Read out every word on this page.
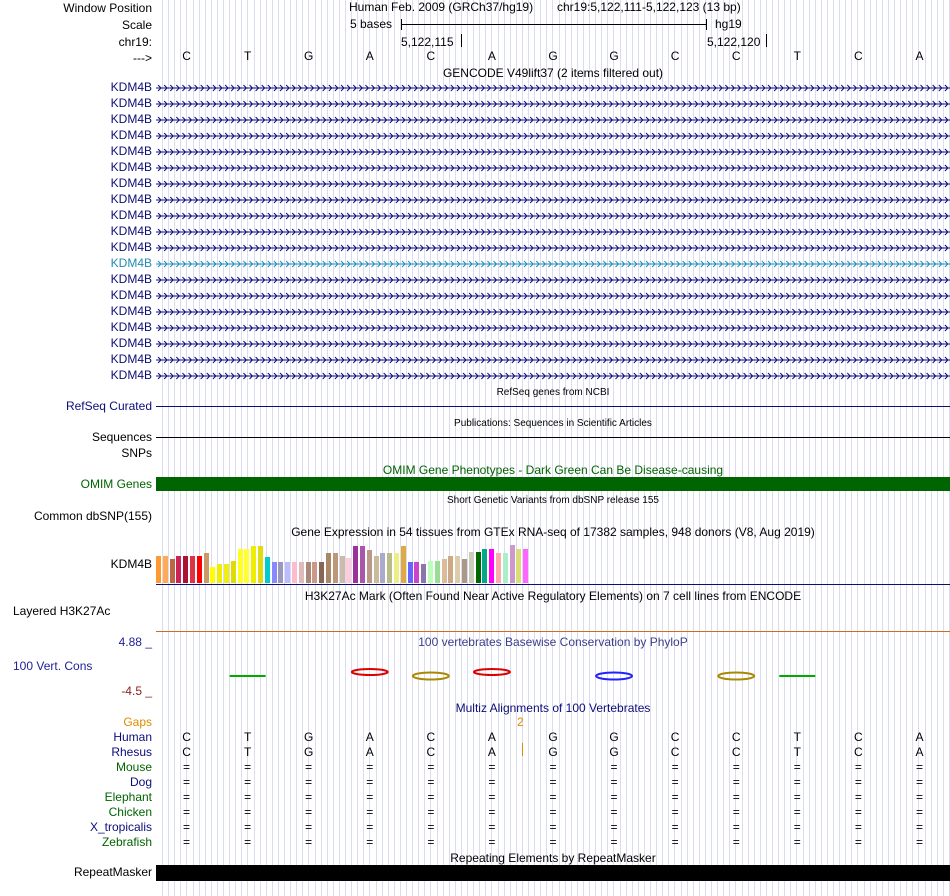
Window Position
Scale
chr19:
--->
Human Feb. 2009 (GRCh37/hg19) chr19:5,122,111-5,122,123 (13 bp)
5 bases	hg19
5,122,115	5,122,120
C	T	G	A	C	A	G	G	C	C	T	C	A
GENCODE V49lift37 (2 items filtered out)
KDM4B
KDM4B
KDM4B
KDM4B
KDM4B
KDM4B
KDM4B
KDM4B
KDM4B
KDM4B
KDM4B
KDM4B
KDM4B
KDM4B
KDM4B
KDM4B
KDM4B
KDM4B
KDM4B
RefSeq genes from NCBI
RefSeq Curated
Publications: Sequences in Scientific Articles
Sequences
SNPs
OMIM Gene Phenotypes - Dark Green Can Be Disease-causing
OMIM Genes
Short Genetic Variants from dbSNP release 155
Common dbSNP(155)
Gene Expression in 54 tissues from GTEx RNA-seq of 17382 samples, 948 donors (V8, Aug 2019)
KDM4B
H3K27Ac Mark (Often Found Near Active Regulatory Elements) on 7 cell lines from ENCODE
Layered H3K27Ac
100 vertebrates Basewise Conservation by PhyloP
4.88 _
100 Vert. Cons
-4.5 _
Multiz Alignments of 100 Vertebrates
Gaps	2
Human	C	T	G	A	C	A	G	G	C	C	T	C	A
Rhesus	C	T	G	A	C	A	G	G	C	C	T	C	A
Mouse	=	=	=	=	=	=	=	=	=	=	=	=	=
Dog	=	=	=	=	=	=	=	=	=	=	=	=	=
Elephant	=	=	=	=	=	=	=	=	=	=	=	=	=
Chicken	=	=	=	=	=	=	=	=	=	=	=	=	=
X_tropicalis	=	=	=	=	=	=	=	=	=	=	=	=	=
Zebrafish	=	=	=	=	=	=	=	=	=	=	=	=	=
Repeating Elements by RepeatMasker
RepeatMasker
